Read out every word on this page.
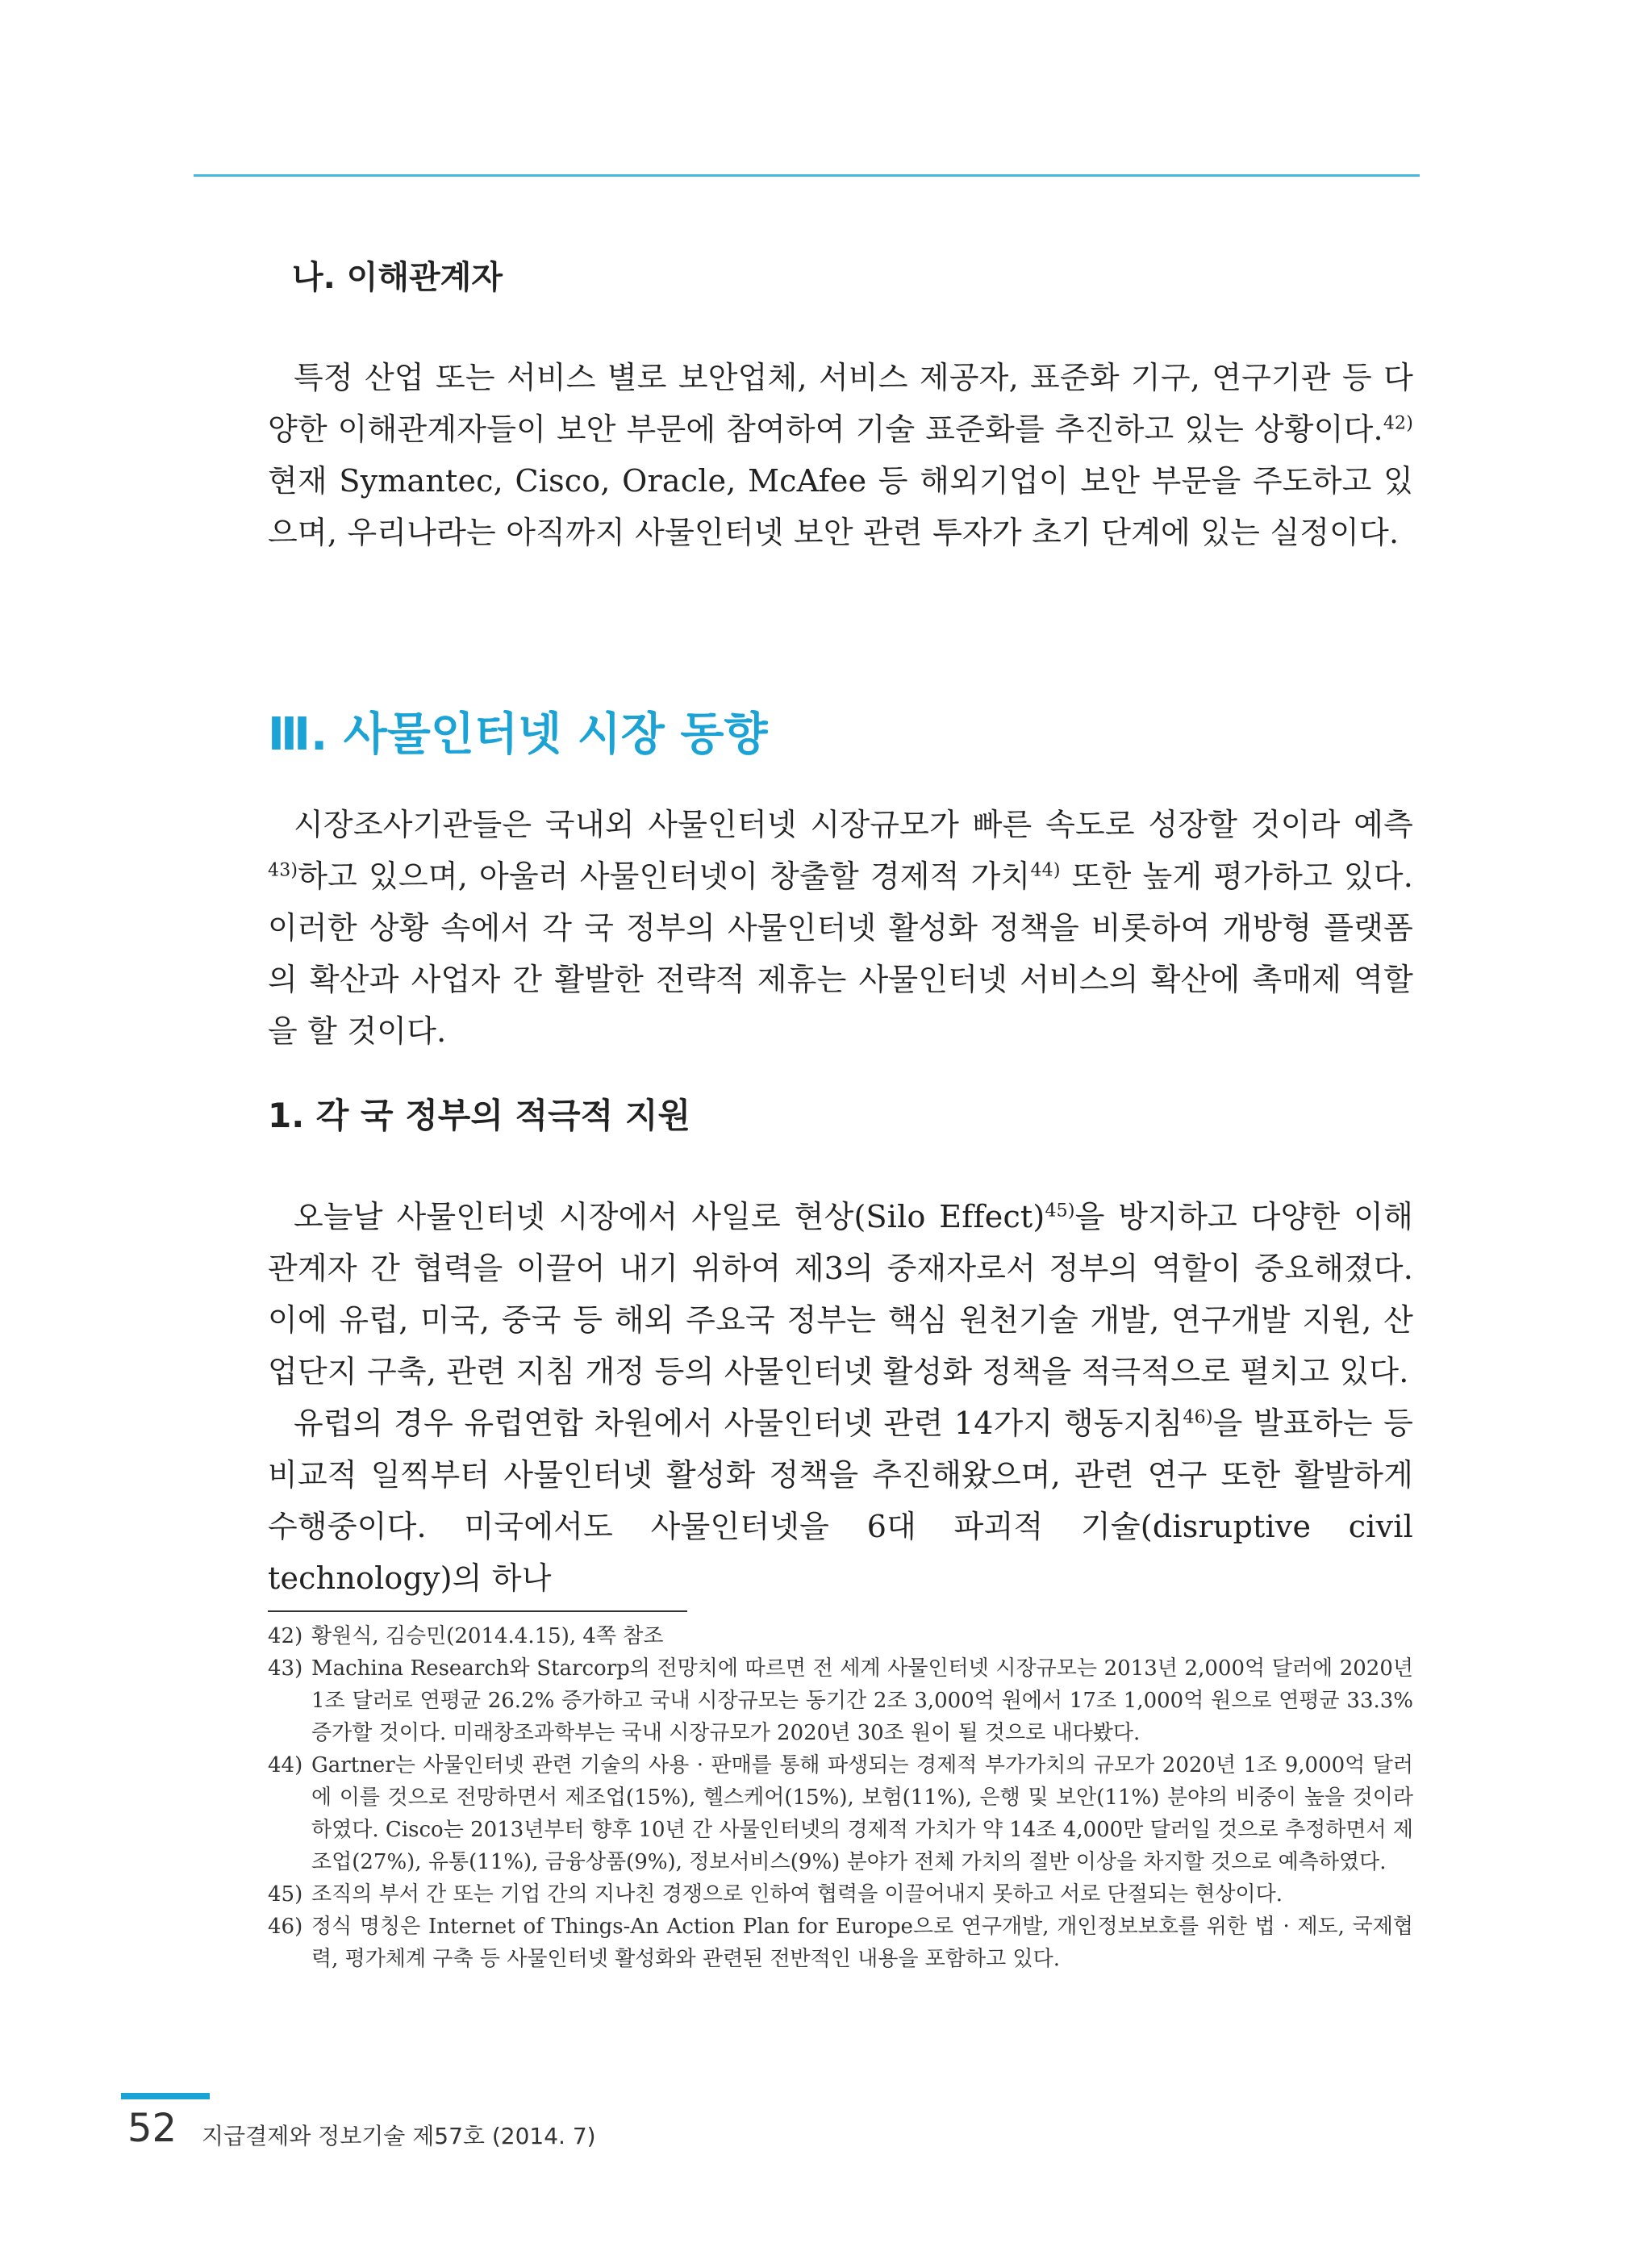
나. 이해관계자

특정 산업 또는 서비스 별로 보안업체, 서비스 제공자, 표준화 기구, 연구기관 등 다양한 이해관계자들이 보안 부문에 참여하여 기술 표준화를 추진하고 있는 상황이다.$^{42)}$ 현재 Symantec, Cisco, Oracle, McAfee 등 해외기업이 보안 부문을 주도하고 있으며, 우리나라는 아직까지 사물인터넷 보안 관련 투자가 초기 단계에 있는 실정이다.

Ⅲ. 사물인터넷 시장 동향

시장조사기관들은 국내외 사물인터넷 시장규모가 빠른 속도로 성장할 것이라 예측$^{43)}$하고 있으며, 아울러 사물인터넷이 창출할 경제적 가치$^{44)}$ 또한 높게 평가하고 있다. 이러한 상황 속에서 각 국 정부의 사물인터넷 활성화 정책을 비롯하여 개방형 플랫폼의 확산과 사업자 간 활발한 전략적 제휴는 사물인터넷 서비스의 확산에 촉매제 역할을 할 것이다.

1. 각 국 정부의 적극적 지원

오늘날 사물인터넷 시장에서 사일로 현상(Silo Effect)$^{45)}$을 방지하고 다양한 이해관계자 간 협력을 이끌어 내기 위하여 제3의 중재자로서 정부의 역할이 중요해졌다. 이에 유럽, 미국, 중국 등 해외 주요국 정부는 핵심 원천기술 개발, 연구개발 지원, 산업단지 구축, 관련 지침 개정 등의 사물인터넷 활성화 정책을 적극적으로 펼치고 있다.

유럽의 경우 유럽연합 차원에서 사물인터넷 관련 14가지 행동지침$^{46)}$을 발표하는 등 비교적 일찍부터 사물인터넷 활성화 정책을 추진해왔으며, 관련 연구 또한 활발하게 수행중이다. 미국에서도 사물인터넷을 6대 파괴적 기술(disruptive civil technology)의 하나

42) 황원식, 김승민(2014.4.15), 4쪽 참조
43) Machina Research와 Starcorp의 전망치에 따르면 전 세계 사물인터넷 시장규모는 2013년 2,000억 달러에 2020년 1조 달러로 연평균 26.2% 증가하고 국내 시장규모는 동기간 2조 3,000억 원에서 17조 1,000억 원으로 연평균 33.3% 증가할 것이다. 미래창조과학부는 국내 시장규모가 2020년 30조 원이 될 것으로 내다봤다.
44) Gartner는 사물인터넷 관련 기술의 사용 · 판매를 통해 파생되는 경제적 부가가치의 규모가 2020년 1조 9,000억 달러에 이를 것으로 전망하면서 제조업(15%), 헬스케어(15%), 보험(11%), 은행 및 보안(11%) 분야의 비중이 높을 것이라 하였다. Cisco는 2013년부터 향후 10년 간 사물인터넷의 경제적 가치가 약 14조 4,000만 달러일 것으로 추정하면서 제조업(27%), 유통(11%), 금융상품(9%), 정보서비스(9%) 분야가 전체 가치의 절반 이상을 차지할 것으로 예측하였다.
45) 조직의 부서 간 또는 기업 간의 지나친 경쟁으로 인하여 협력을 이끌어내지 못하고 서로 단절되는 현상이다.
46) 정식 명칭은 Internet of Things-An Action Plan for Europe으로 연구개발, 개인정보보호를 위한 법 · 제도, 국제협력, 평가체계 구축 등 사물인터넷 활성화와 관련된 전반적인 내용을 포함하고 있다.
52 지급결제와 정보기술 제57호 (2014. 7)
